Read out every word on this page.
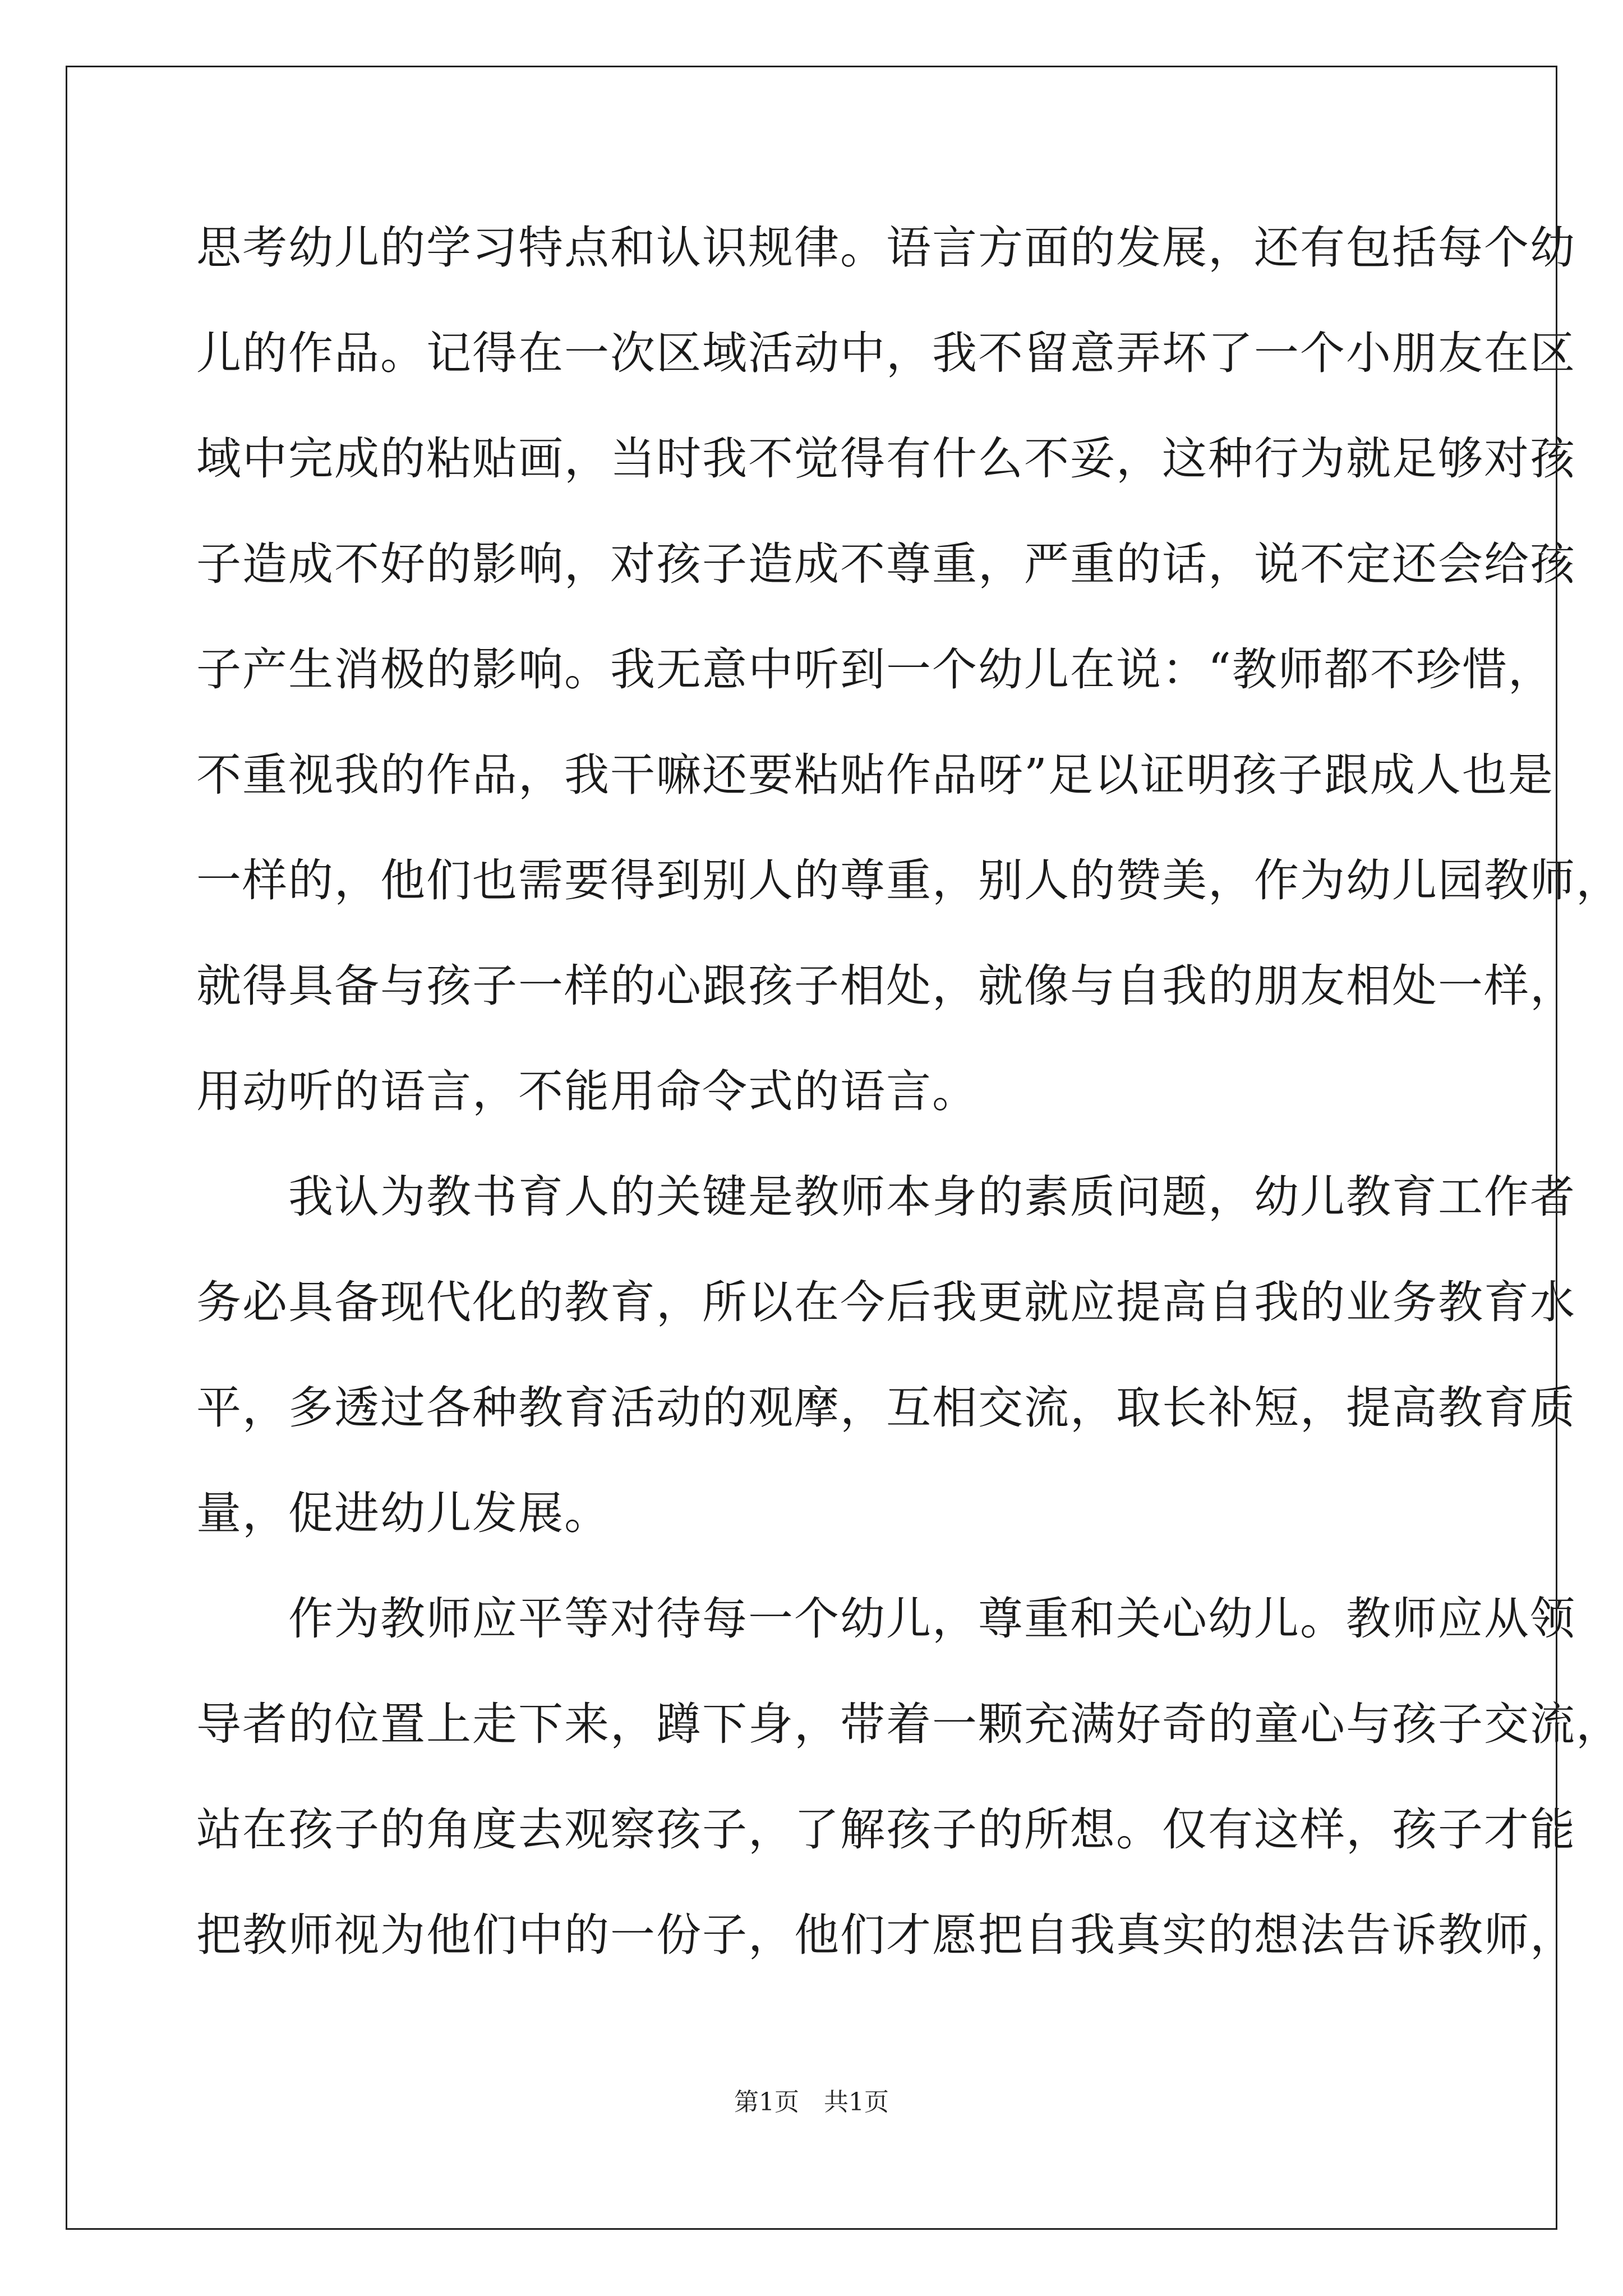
思考幼儿的学习特点和认识规律。语言方面的发展，还有包括每个幼
儿的作品。记得在一次区域活动中，我不留意弄坏了一个小朋友在区
域中完成的粘贴画，当时我不觉得有什么不妥，这种行为就足够对孩
子造成不好的影响，对孩子造成不尊重，严重的话，说不定还会给孩
子产生消极的影响。我无意中听到一个幼儿在说：“教师都不珍惜，
不重视我的作品，我干嘛还要粘贴作品呀”足以证明孩子跟成人也是
一样的，他们也需要得到别人的尊重，别人的赞美，作为幼儿园教师，
就得具备与孩子一样的心跟孩子相处，就像与自我的朋友相处一样，
用动听的语言，不能用命令式的语言。
　　我认为教书育人的关键是教师本身的素质问题，幼儿教育工作者
务必具备现代化的教育，所以在今后我更就应提高自我的业务教育水
平，多透过各种教育活动的观摩，互相交流，取长补短，提高教育质
量，促进幼儿发展。
　　作为教师应平等对待每一个幼儿，尊重和关心幼儿。教师应从领
导者的位置上走下来，蹲下身，带着一颗充满好奇的童心与孩子交流，
站在孩子的角度去观察孩子，了解孩子的所想。仅有这样，孩子才能
把教师视为他们中的一份子，他们才愿把自我真实的想法告诉教师，
第1页　共1页
